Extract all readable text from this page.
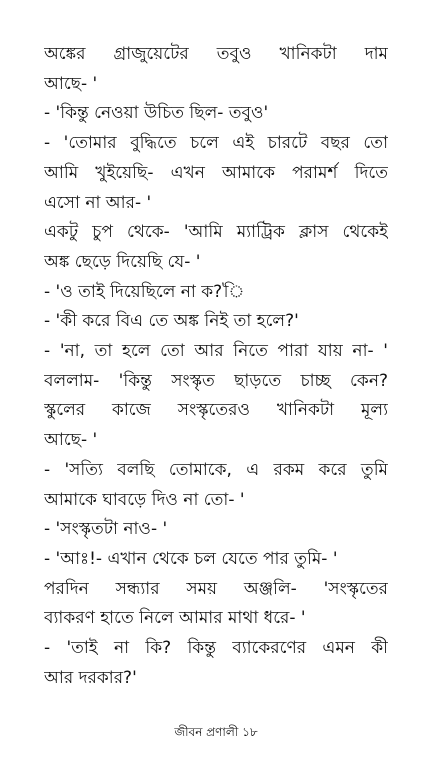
অঙ্কের গ্রাজুয়েটের তবুও খানিকটা দাম
আছে- '
- 'কিন্তু নেওয়া উচিত ছিল- তবুও'
- 'তোমার বুদ্ধিতে চলে এই চারটে বছর তো
আমি খুইয়েছি- এখন আমাকে পরামর্শ দিতে
এসো না আর- '
একটু চুপ থেকে- 'আমি ম্যাট্রিক ক্লাস থেকেই
অঙ্ক ছেড়ে দিয়েছি যে- '
- 'ও তাই দিয়েছিলে না ক?'ি
- 'কী করে বিএ তে অঙ্ক নিই তা হলে?'
- 'না, তা হলে তো আর নিতে পারা যায় না- '
বললাম- 'কিন্তু সংস্কৃত ছাড়তে চাচ্ছ কেন?
স্কুলের কাজে সংস্কৃতেরও খানিকটা মূল্য
আছে- '
- 'সত্যি বলছি তোমাকে, এ রকম করে তুমি
আমাকে ঘাবড়ে দিও না তো- '
- 'সংস্কৃতটা নাও- '
- 'আঃ!- এখান থেকে চল যেতে পার তুমি- '
পরদিন সন্ধ্যার সময় অঞ্জলি- 'সংস্কৃতের
ব্যাকরণ হাতে নিলে আমার মাথা ধরে- '
- 'তাই না কি? কিন্তু ব্যাকেরণের এমন কী
আর দরকার?'
জীবন প্রণালী ১৮
